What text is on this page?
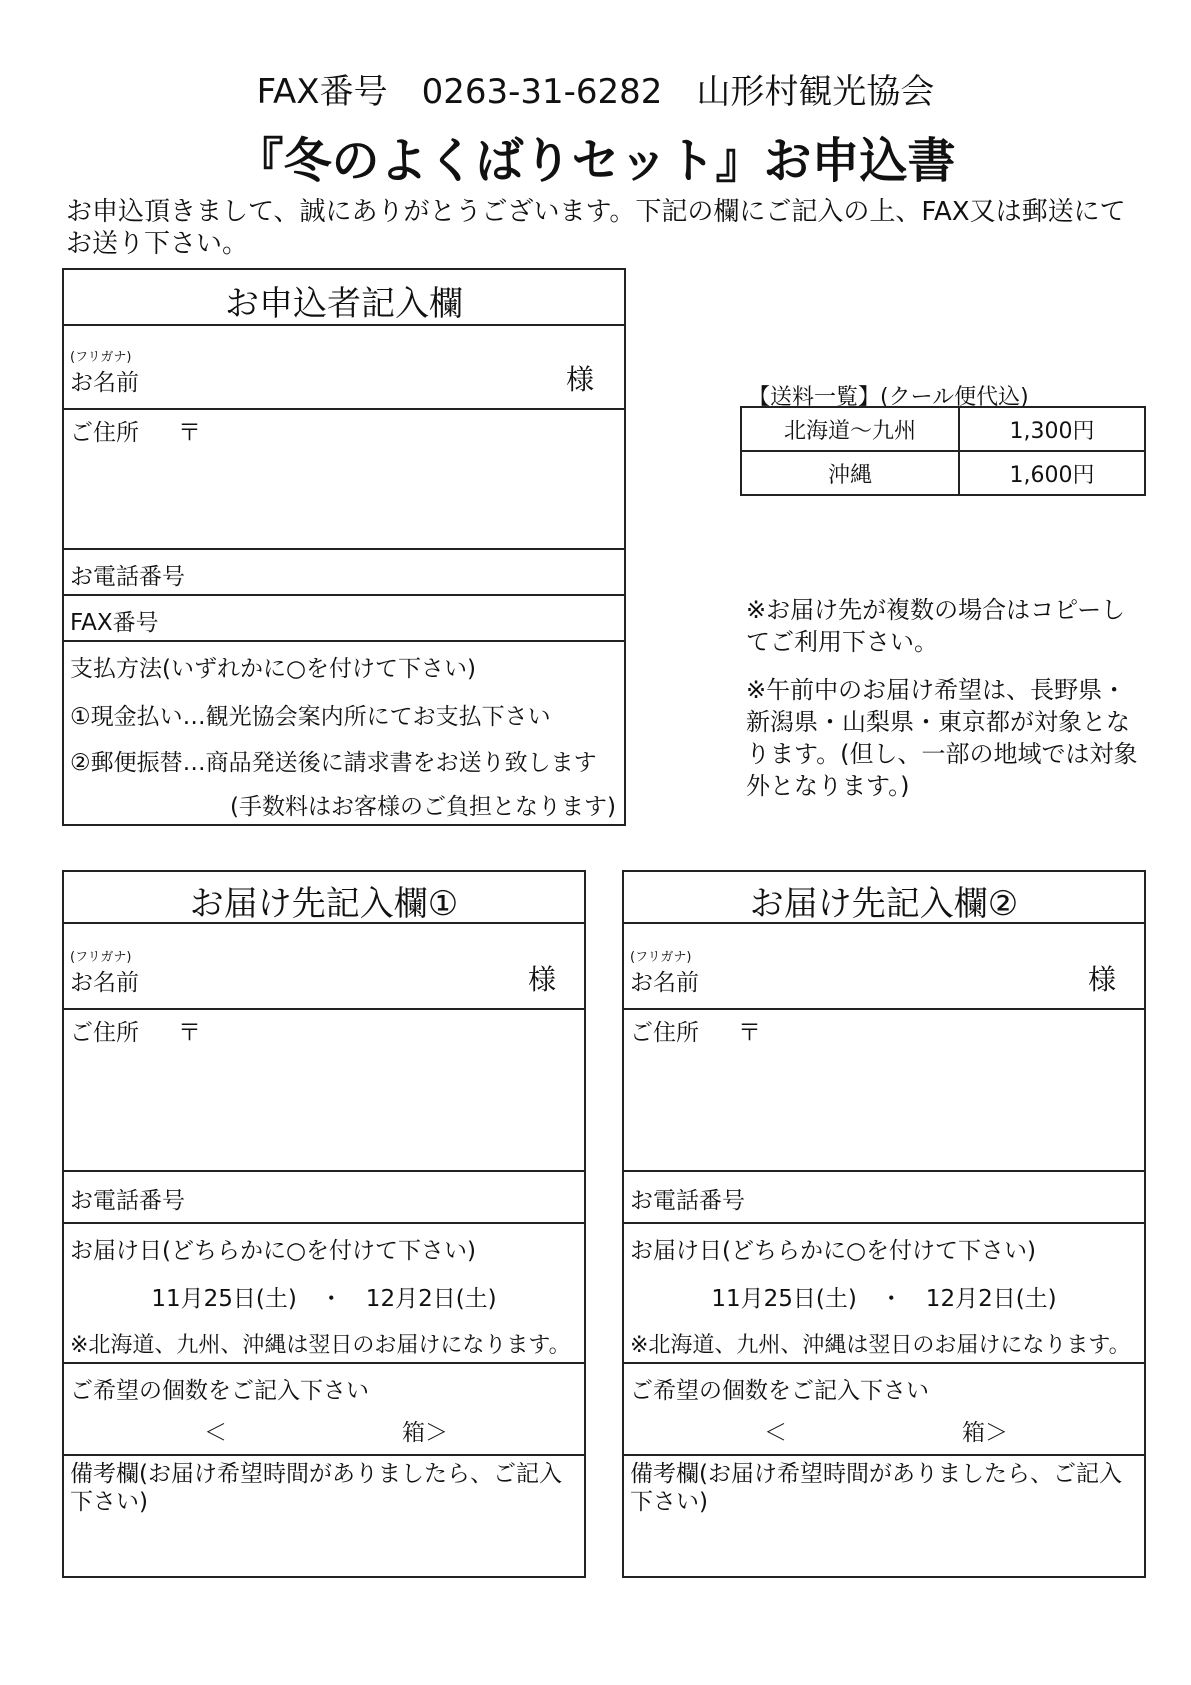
FAX番号　0263-31-6282　山形村観光協会
『冬のよくばりセット』お申込書
お申込頂きまして、誠にありがとうございます。下記の欄にご記入の上、FAX又は郵送にてお送り下さい。
お申込者記入欄
(フリガナ)
お名前	様
ご住所 〒
お電話番号
FAX番号
支払方法(いずれかに○を付けて下さい)
①現金払い…観光協会案内所にてお支払下さい
②郵便振替…商品発送後に請求書をお送り致します
(手数料はお客様のご負担となります)
【送料一覧】(クール便代込)
北海道～九州	1,300円
沖縄	1,600円
※お届け先が複数の場合はコピーしてご利用下さい。
※午前中のお届け希望は、長野県・新潟県・山梨県・東京都が対象となります。(但し、一部の地域では対象外となります。)
お届け先記入欄①
(フリガナ)
お名前	様
ご住所 〒
お電話番号
お届け日(どちらかに○を付けて下さい)
11月25日(土)　・　12月2日(土)
※北海道、九州、沖縄は翌日のお届けになります。
ご希望の個数をご記入下さい
＜	箱＞
備考欄(お届け希望時間がありましたら、ご記入下さい)
お届け先記入欄②
(フリガナ)
お名前	様
ご住所 〒
お電話番号
お届け日(どちらかに○を付けて下さい)
11月25日(土)　・　12月2日(土)
※北海道、九州、沖縄は翌日のお届けになります。
ご希望の個数をご記入下さい
＜	箱＞
備考欄(お届け希望時間がありましたら、ご記入下さい)
